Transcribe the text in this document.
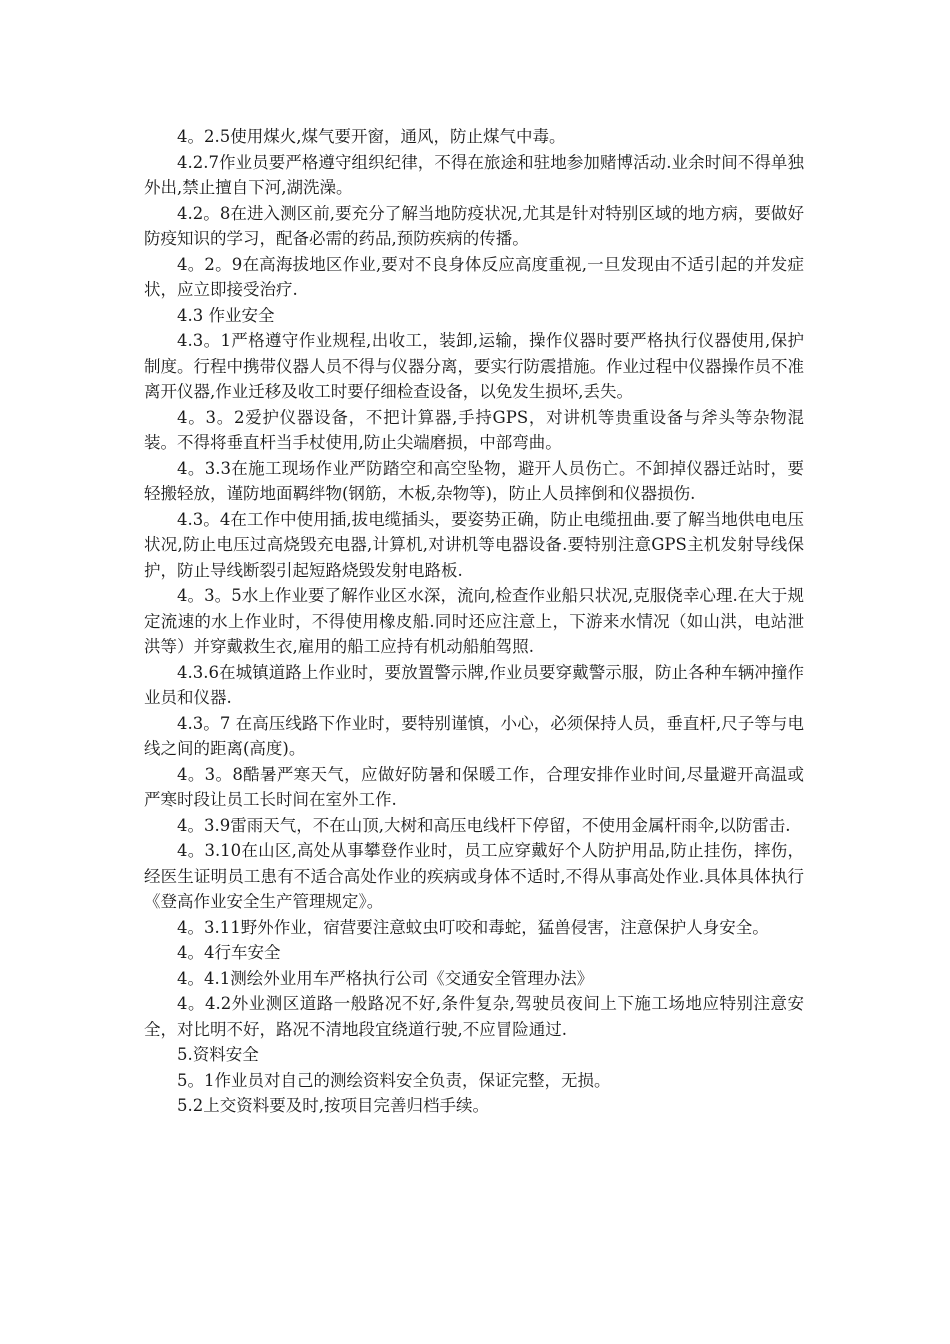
4。2.5使用煤火,煤气要开窗，通风，防止煤气中毒。

4.2.7作业员要严格遵守组织纪律，不得在旅途和驻地参加赌博活动.业余时间不得单独外出,禁止擅自下河,湖洗澡。

4.2。8在进入测区前,要充分了解当地防疫状况,尤其是针对特别区域的地方病，要做好防疫知识的学习，配备必需的药品,预防疾病的传播。

4。2。9在高海拔地区作业,要对不良身体反应高度重视,一旦发现由不适引起的并发症状，应立即接受治疗.

4.3 作业安全

4.3。1严格遵守作业规程,出收工，装卸,运输，操作仪器时要严格执行仪器使用,保护制度。行程中携带仪器人员不得与仪器分离，要实行防震措施。作业过程中仪器操作员不准离开仪器,作业迁移及收工时要仔细检查设备，以免发生损坏,丢失。

4。3。2爱护仪器设备，不把计算器,手持GPS，对讲机等贵重设备与斧头等杂物混装。不得将垂直杆当手杖使用,防止尖端磨损，中部弯曲。

4。3.3在施工现场作业严防踏空和高空坠物，避开人员伤亡。不卸掉仪器迁站时，要轻搬轻放，谨防地面羁绊物(钢筋，木板,杂物等)，防止人员摔倒和仪器损伤.

4.3。4在工作中使用插,拔电缆插头，要姿势正确，防止电缆扭曲.要了解当地供电电压状况,防止电压过高烧毁充电器,计算机,对讲机等电器设备.要特别注意GPS主机发射导线保护，防止导线断裂引起短路烧毁发射电路板.

4。3。5水上作业要了解作业区水深，流向,检查作业船只状况,克服侥幸心理.在大于规定流速的水上作业时，不得使用橡皮船.同时还应注意上，下游来水情况（如山洪，电站泄洪等）并穿戴救生衣,雇用的船工应持有机动船舶驾照.

4.3.6在城镇道路上作业时，要放置警示牌,作业员要穿戴警示服，防止各种车辆冲撞作业员和仪器.

4.3。7 在高压线路下作业时，要特别谨慎，小心，必须保持人员，垂直杆,尺子等与电 线之间的距离(高度)。

4。3。8酷暑严寒天气，应做好防暑和保暖工作，合理安排作业时间,尽量避开高温或严寒时段让员工长时间在室外工作.

4。3.9雷雨天气，不在山顶,大树和高压电线杆下停留，不使用金属杆雨伞,以防雷击.

4。3.10在山区,高处从事攀登作业时，员工应穿戴好个人防护用品,防止挂伤，摔伤，经医生证明员工患有不适合高处作业的疾病或身体不适时,不得从事高处作业.具体具体执行《登高作业安全生产管理规定》。

4。3.11野外作业，宿营要注意蚊虫叮咬和毒蛇，猛兽侵害，注意保护人身安全。

4。4行车安全

4。4.1测绘外业用车严格执行公司《交通安全管理办法》

4。4.2外业测区道路一般路况不好,条件复杂,驾驶员夜间上下施工场地应特别注意安全，对比明不好，路况不清地段宜绕道行驶,不应冒险通过.

5.资料安全

5。1作业员对自己的测绘资料安全负责，保证完整，无损。

5.2上交资料要及时,按项目完善归档手续。
